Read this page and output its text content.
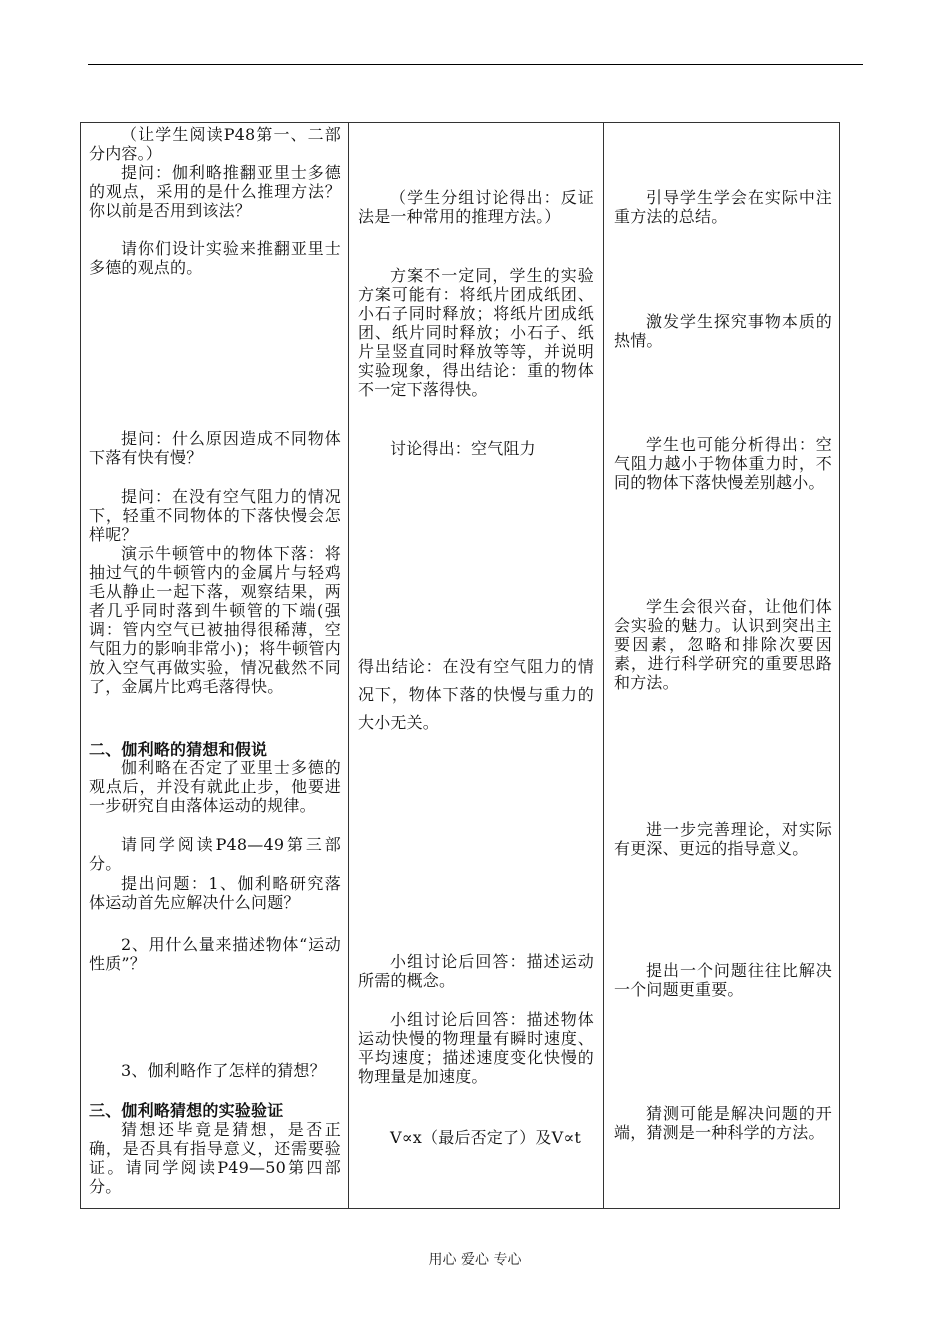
（让学生阅读P48第一、二部分内容。）

提问：伽利略推翻亚里士多德的观点，采用的是什么推理方法？你以前是否用到该法？

请你们设计实验来推翻亚里士多德的观点的。

提问：什么原因造成不同物体下落有快有慢？

提问：在没有空气阻力的情况下，轻重不同物体的下落快慢会怎样呢？

演示牛顿管中的物体下落：将抽过气的牛顿管内的金属片与轻鸡毛从静止一起下落，观察结果，两者几乎同时落到牛顿管的下端(强调：管内空气已被抽得很稀薄，空气阻力的影响非常小)；将牛顿管内放入空气再做实验，情况截然不同了，金属片比鸡毛落得快。

二、伽利略的猜想和假说

伽利略在否定了亚里士多德的观点后，并没有就此止步，他要进一步研究自由落体运动的规律。

请同学阅读P48—49第三部分。

提出问题：1、伽利略研究落体运动首先应解决什么问题？

2、用什么量来描述物体“运动性质”？

3、伽利略作了怎样的猜想？

三、伽利略猜想的实验验证

猜想还毕竟是猜想，是否正确，是否具有指导意义，还需要验证。请同学阅读P49—50第四部分。

（学生分组讨论得出：反证法是一种常用的推理方法。）

方案不一定同，学生的实验方案可能有：将纸片团成纸团、小石子同时释放；将纸片团成纸团、纸片同时释放；小石子、纸片呈竖直同时释放等等，并说明实验现象，得出结论：重的物体不一定下落得快。

讨论得出：空气阻力

得出结论：在没有空气阻力的情况下，物体下落的快慢与重力的大小无关。

小组讨论后回答：描述运动所需的概念。

小组讨论后回答：描述物体运动快慢的物理量有瞬时速度、平均速度；描述速度变化快慢的物理量是加速度。

V∝x（最后否定了）及V∝t

引导学生学会在实际中注重方法的总结。

激发学生探究事物本质的热情。

学生也可能分析得出：空气阻力越小于物体重力时，不同的物体下落快慢差别越小。

学生会很兴奋，让他们体会实验的魅力。认识到突出主要因素，忽略和排除次要因素，进行科学研究的重要思路和方法。

进一步完善理论，对实际有更深、更远的指导意义。

提出一个问题往往比解决一个问题更重要。

猜测可能是解决问题的开端，猜测是一种科学的方法。

用心 爱心 专心
